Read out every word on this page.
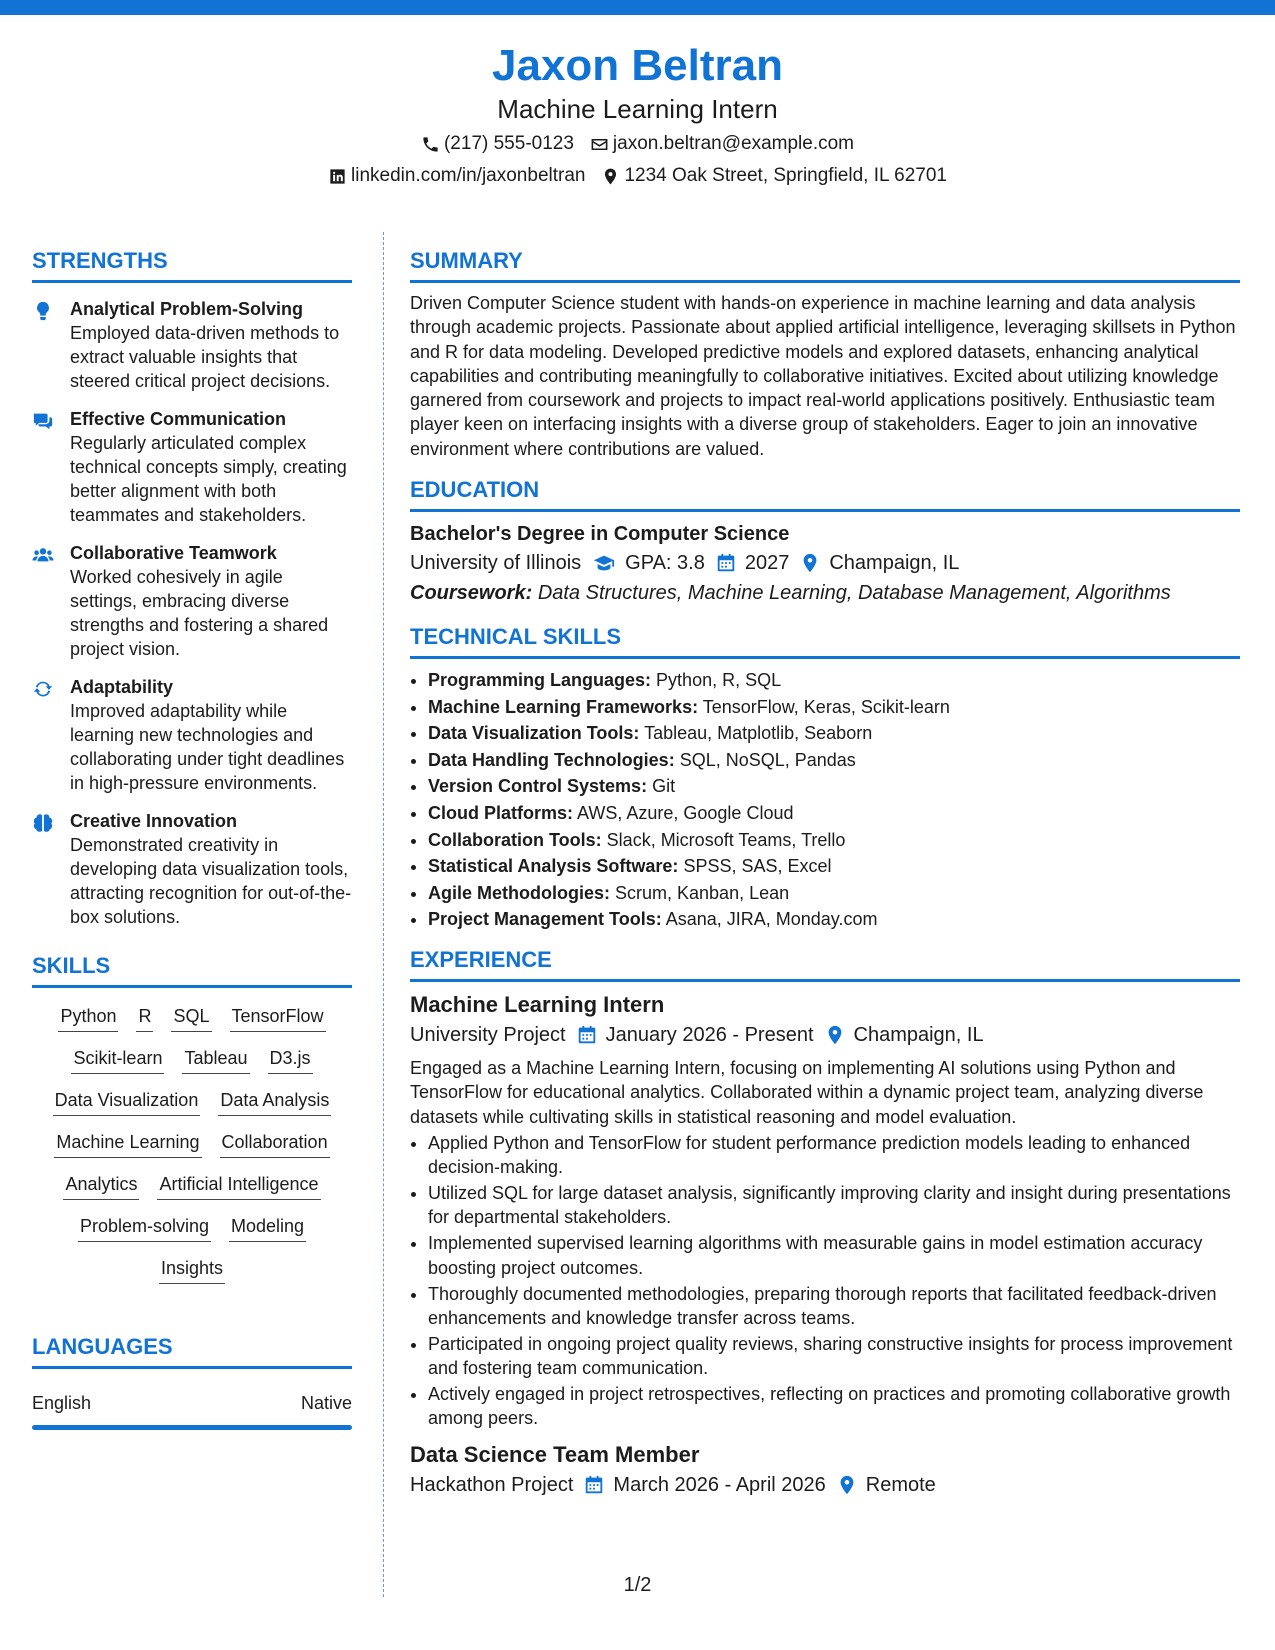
Jaxon Beltran
Machine Learning Intern
(217) 555-0123 jaxon.beltran@example.com
linkedin.com/in/jaxonbeltran 1234 Oak Street, Springfield, IL 62701
STRENGTHS
Analytical Problem-Solving
Employed data-driven methods to extract valuable insights that steered critical project decisions.
Effective Communication
Regularly articulated complex technical concepts simply, creating better alignment with both teammates and stakeholders.
Collaborative Teamwork
Worked cohesively in agile settings, embracing diverse strengths and fostering a shared project vision.
Adaptability
Improved adaptability while learning new technologies and collaborating under tight deadlines in high-pressure environments.
Creative Innovation
Demonstrated creativity in developing data visualization tools, attracting recognition for out-of-the-box solutions.
SKILLS
Python R SQL TensorFlow
Scikit-learn Tableau D3.js
Data Visualization Data Analysis
Machine Learning Collaboration
Analytics Artificial Intelligence
Problem-solving Modeling
Insights
LANGUAGES
English	Native
SUMMARY
Driven Computer Science student with hands-on experience in machine learning and data analysis through academic projects. Passionate about applied artificial intelligence, leveraging skillsets in Python and R for data modeling. Developed predictive models and explored datasets, enhancing analytical capabilities and contributing meaningfully to collaborative initiatives. Excited about utilizing knowledge garnered from coursework and projects to impact real-world applications positively. Enthusiastic team player keen on interfacing insights with a diverse group of stakeholders. Eager to join an innovative environment where contributions are valued.
EDUCATION
Bachelor's Degree in Computer Science
University of Illinois GPA: 3.8 2027 Champaign, IL
Coursework: Data Structures, Machine Learning, Database Management, Algorithms
TECHNICAL SKILLS
• Programming Languages: Python, R, SQL
• Machine Learning Frameworks: TensorFlow, Keras, Scikit-learn
• Data Visualization Tools: Tableau, Matplotlib, Seaborn
• Data Handling Technologies: SQL, NoSQL, Pandas
• Version Control Systems: Git
• Cloud Platforms: AWS, Azure, Google Cloud
• Collaboration Tools: Slack, Microsoft Teams, Trello
• Statistical Analysis Software: SPSS, SAS, Excel
• Agile Methodologies: Scrum, Kanban, Lean
• Project Management Tools: Asana, JIRA, Monday.com
EXPERIENCE
Machine Learning Intern
University Project January 2026 - Present Champaign, IL
Engaged as a Machine Learning Intern, focusing on implementing AI solutions using Python and TensorFlow for educational analytics. Collaborated within a dynamic project team, analyzing diverse datasets while cultivating skills in statistical reasoning and model evaluation.
• Applied Python and TensorFlow for student performance prediction models leading to enhanced decision-making.
• Utilized SQL for large dataset analysis, significantly improving clarity and insight during presentations for departmental stakeholders.
• Implemented supervised learning algorithms with measurable gains in model estimation accuracy boosting project outcomes.
• Thoroughly documented methodologies, preparing thorough reports that facilitated feedback-driven enhancements and knowledge transfer across teams.
• Participated in ongoing project quality reviews, sharing constructive insights for process improvement and fostering team communication.
• Actively engaged in project retrospectives, reflecting on practices and promoting collaborative growth among peers.
Data Science Team Member
Hackathon Project March 2026 - April 2026 Remote
1/2
